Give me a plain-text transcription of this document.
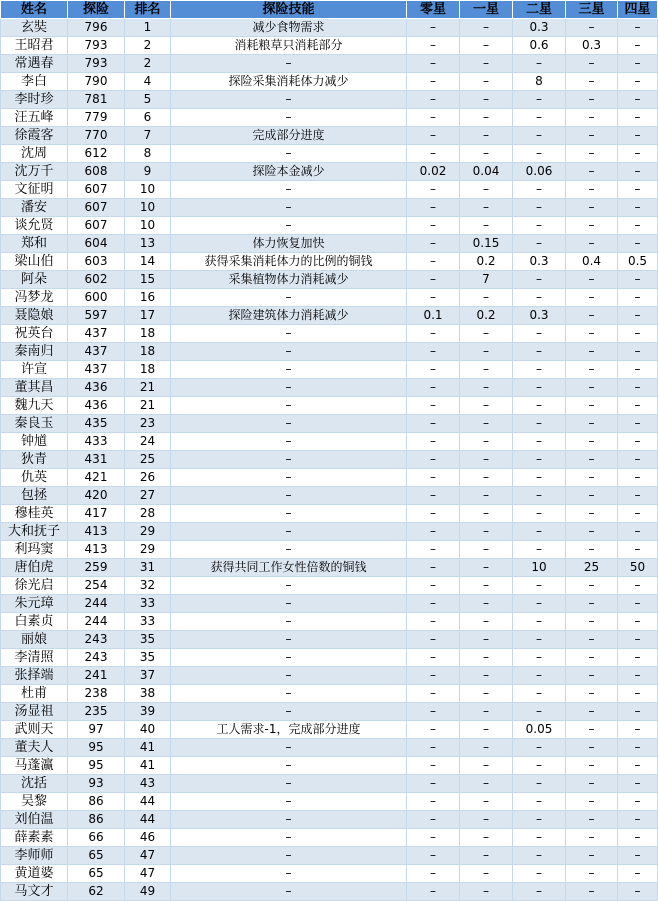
姓名	探险	排名	探险技能	零星	一星	二星	三星	四星
玄奘	796	1	减少食物需求	–	–	0.3	–	–
王昭君	793	2	消耗粮草只消耗部分	–	–	0.6	0.3	–
常遇春	793	2	–	–	–	–	–	–
李白	790	4	探险采集消耗体力减少	–	–	8	–	–
李时珍	781	5	–	–	–	–	–	–
汪五峰	779	6	–	–	–	–	–	–
徐霞客	770	7	完成部分进度	–	–	–	–	–
沈周	612	8	–	–	–	–	–	–
沈万千	608	9	探险本金减少	0.02	0.04	0.06	–	–
文征明	607	10	–	–	–	–	–	–
潘安	607	10	–	–	–	–	–	–
谈允贤	607	10	–	–	–	–	–	–
郑和	604	13	体力恢复加快	–	0.15	–	–	–
梁山伯	603	14	获得采集消耗体力的比例的铜钱	–	0.2	0.3	0.4	0.5
阿朵	602	15	采集植物体力消耗减少	–	7	–	–	–
冯梦龙	600	16	–	–	–	–	–	–
聂隐娘	597	17	探险建筑体力消耗减少	0.1	0.2	0.3	–	–
祝英台	437	18	–	–	–	–	–	–
秦南归	437	18	–	–	–	–	–	–
许宣	437	18	–	–	–	–	–	–
董其昌	436	21	–	–	–	–	–	–
魏九天	436	21	–	–	–	–	–	–
秦良玉	435	23	–	–	–	–	–	–
钟馗	433	24	–	–	–	–	–	–
狄青	431	25	–	–	–	–	–	–
仇英	421	26	–	–	–	–	–	–
包拯	420	27	–	–	–	–	–	–
穆桂英	417	28	–	–	–	–	–	–
大和抚子	413	29	–	–	–	–	–	–
利玛窦	413	29	–	–	–	–	–	–
唐伯虎	259	31	获得共同工作女性倍数的铜钱	–	–	10	25	50
徐光启	254	32	–	–	–	–	–	–
朱元璋	244	33	–	–	–	–	–	–
白素贞	244	33	–	–	–	–	–	–
丽娘	243	35	–	–	–	–	–	–
李清照	243	35	–	–	–	–	–	–
张择端	241	37	–	–	–	–	–	–
杜甫	238	38	–	–	–	–	–	–
汤显祖	235	39	–	–	–	–	–	–
武则天	97	40	工人需求-1，完成部分进度	–	–	0.05	–	–
董夫人	95	41	–	–	–	–	–	–
马蓬瀛	95	41	–	–	–	–	–	–
沈括	93	43	–	–	–	–	–	–
吴黎	86	44	–	–	–	–	–	–
刘伯温	86	44	–	–	–	–	–	–
薛素素	66	46	–	–	–	–	–	–
李师师	65	47	–	–	–	–	–	–
黄道婆	65	47	–	–	–	–	–	–
马文才	62	49	–	–	–	–	–	–
